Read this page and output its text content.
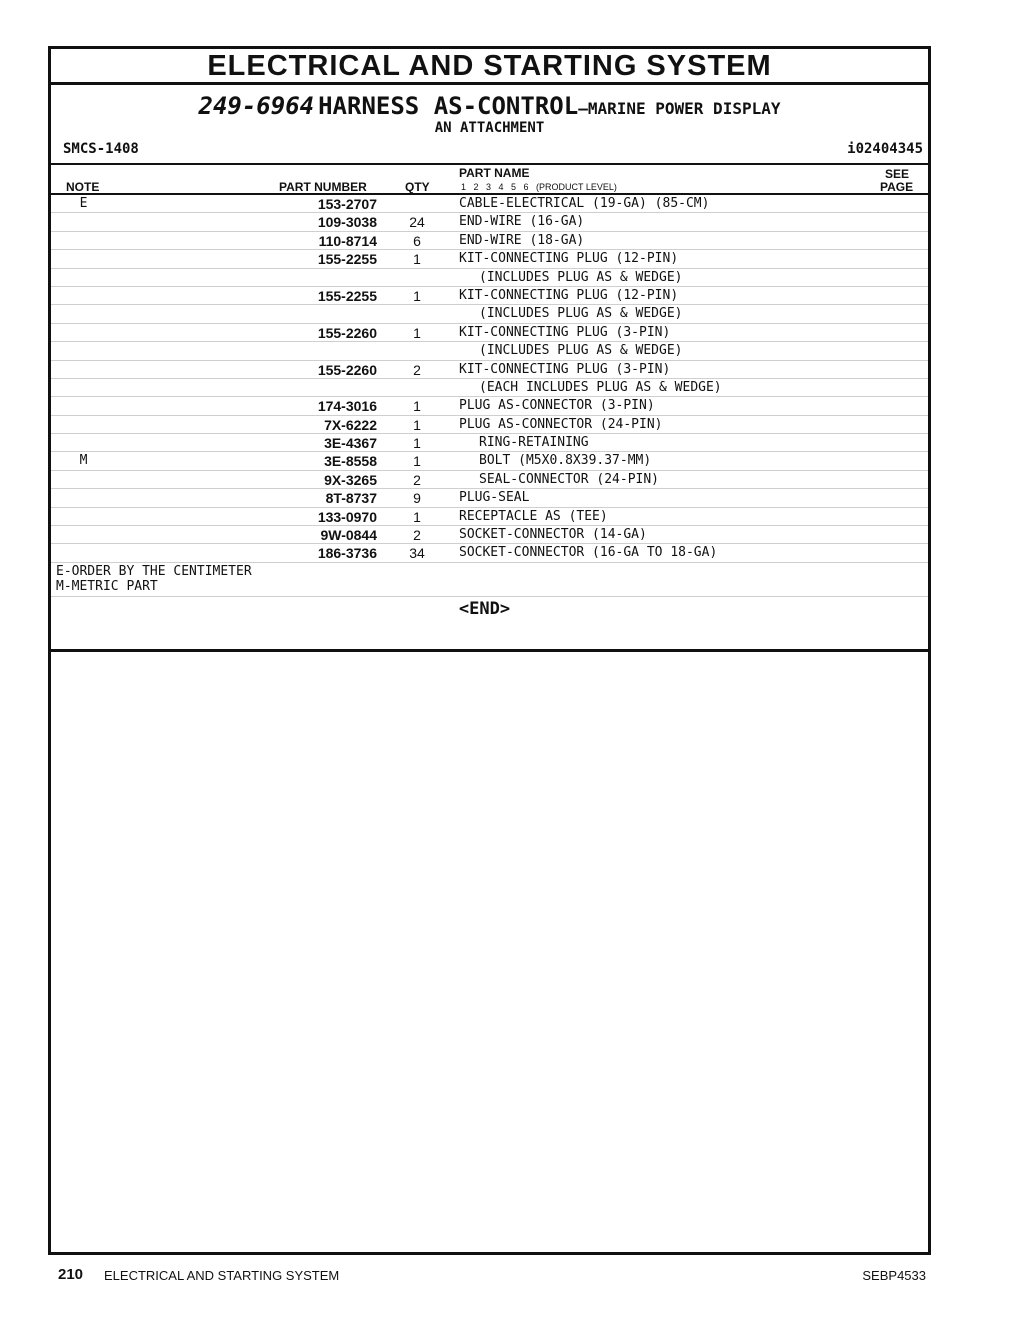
ELECTRICAL AND STARTING SYSTEM
249-6964 HARNESS AS-CONTROL—MARINE POWER DISPLAY
AN ATTACHMENT
SMCS-1408	i02404345
NOTE	PART NUMBER	QTY
PART NAME
1   2   3   4   5   6   (PRODUCT LEVEL)
SEE
PAGE
E	153-2707	CABLE-ELECTRICAL (19-GA) (85-CM)
109-3038	24	END-WIRE (16-GA)
110-8714	6	END-WIRE (18-GA)
155-2255	1	KIT-CONNECTING PLUG (12-PIN)
(INCLUDES PLUG AS & WEDGE)
155-2255	1	KIT-CONNECTING PLUG (12-PIN)
(INCLUDES PLUG AS & WEDGE)
155-2260	1	KIT-CONNECTING PLUG (3-PIN)
(INCLUDES PLUG AS & WEDGE)
155-2260	2	KIT-CONNECTING PLUG (3-PIN)
(EACH INCLUDES PLUG AS & WEDGE)
174-3016	1	PLUG AS-CONNECTOR (3-PIN)
7X-6222	1	PLUG AS-CONNECTOR (24-PIN)
3E-4367	1	RING-RETAINING
M	3E-8558	1	BOLT (M5X0.8X39.37-MM)
9X-3265	2	SEAL-CONNECTOR (24-PIN)
8T-8737	9	PLUG-SEAL
133-0970	1	RECEPTACLE AS (TEE)
9W-0844	2	SOCKET-CONNECTOR (14-GA)
186-3736	34	SOCKET-CONNECTOR (16-GA TO 18-GA)
E-ORDER BY THE CENTIMETER
M-METRIC PART
<END>
210 ELECTRICAL AND STARTING SYSTEM	SEBP4533
